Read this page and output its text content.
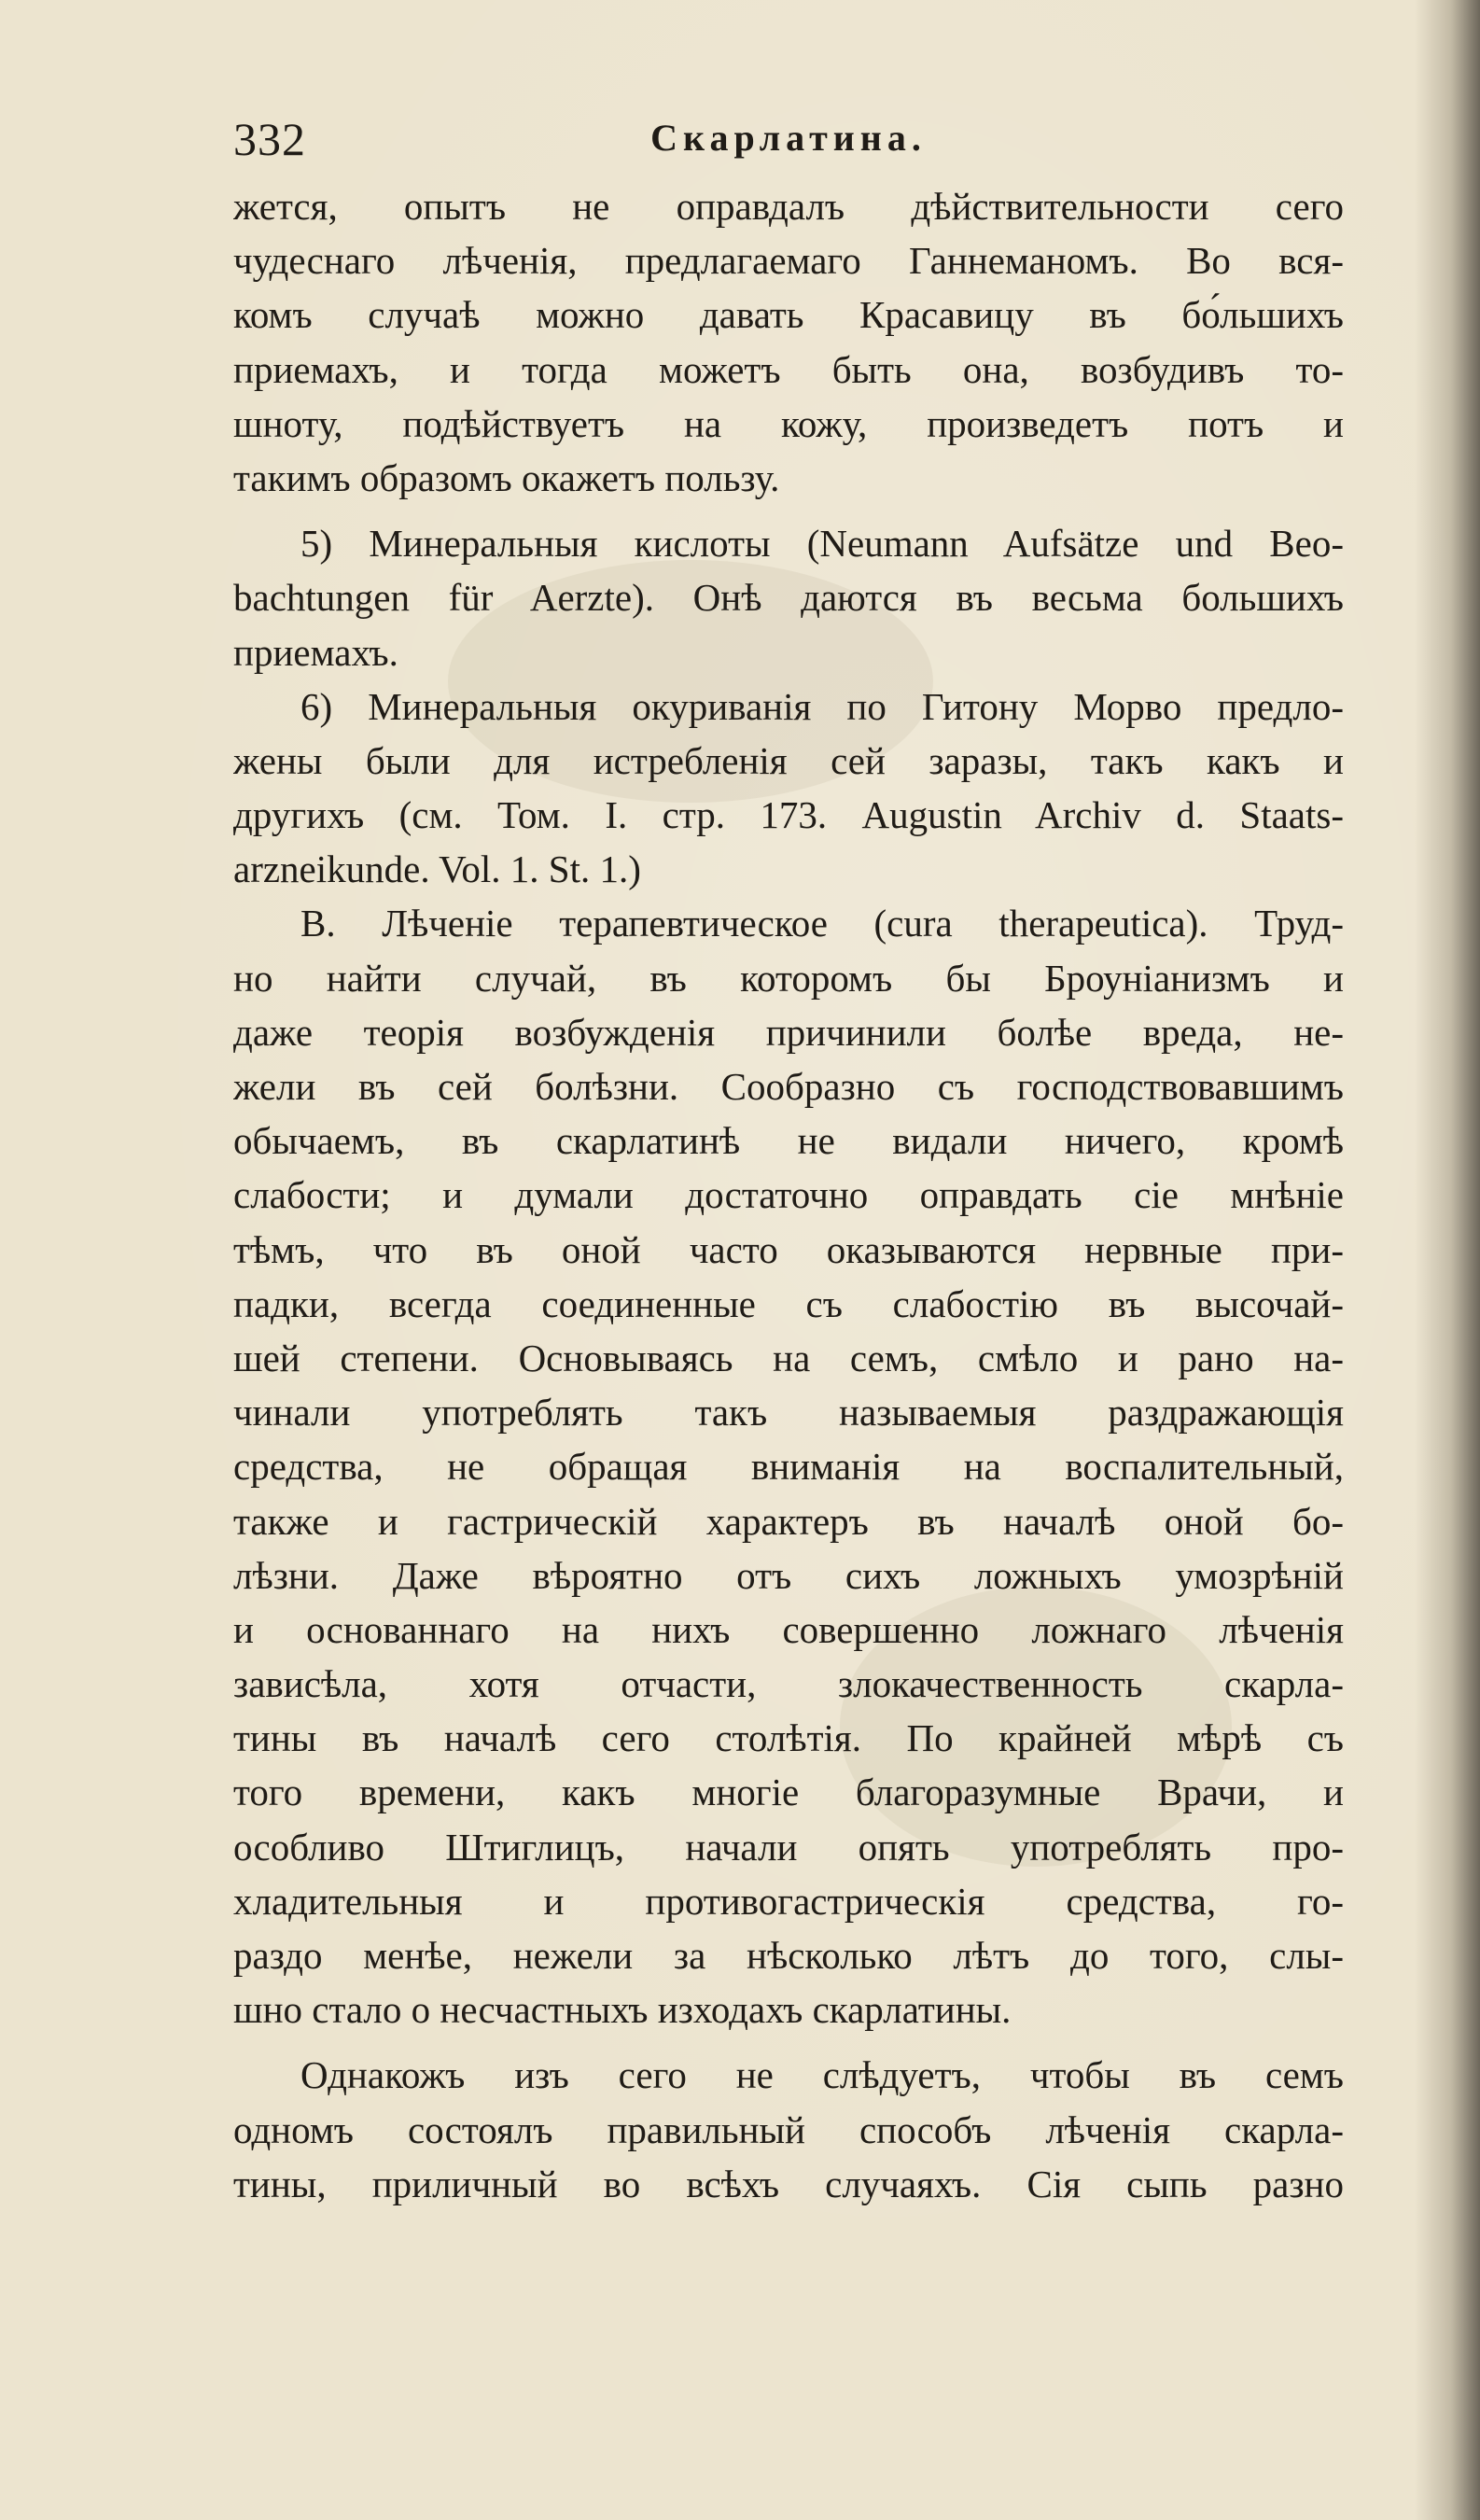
332	Скарлатина.
жется, опытъ не оправдалъ дѣйствительности сего
чудеснаго лѣченія, предлагаемаго Ганнеманомъ. Во вся-
комъ случаѣ можно давать Красавицу въ бо́льшихъ
приемахъ, и тогда можетъ быть она, возбудивъ то-
шноту, подѣйствуетъ на кожу, произведетъ потъ и
такимъ образомъ окажетъ пользу.
5) Минеральныя кислоты (Neumann Aufsätze und Beo-
bachtungen für Aerzte). Онѣ даются въ весьма большихъ
приемахъ.
6) Минеральныя окуриванія по Гитону Морво предло-
жены были для истребленія сей заразы, такъ какъ и
другихъ (см. Том. I. стр. 173. Augustin Archiv d. Staats-
arzneikunde. Vol. 1. St. 1.)
В. Лѣченіе терапевтическое (cura therapeutica). Труд-
но найти случай, въ которомъ бы Броуніанизмъ и
даже теорія возбужденія причинили болѣе вреда, не-
жели въ сей болѣзни. Сообразно съ господствовавшимъ
обычаемъ, въ скарлатинѣ не видали ничего, кромѣ
слабости; и думали достаточно оправдать сіе мнѣніе
тѣмъ, что въ оной часто оказываются нервные при-
падки, всегда соединенные съ слабостію въ высочай-
шей степени. Основываясь на семъ, смѣло и рано на-
чинали употреблять такъ называемыя раздражающія
средства, не обращая вниманія на воспалительный,
также и гастрическій характеръ въ началѣ оной бо-
лѣзни. Даже вѣроятно отъ сихъ ложныхъ умозрѣній
и основаннаго на нихъ совершенно ложнаго лѣченія
зависѣла, хотя отчасти, злокачественность скарла-
тины въ началѣ сего столѣтія. По крайней мѣрѣ съ
того времени, какъ многіе благоразумные Врачи, и
особливо Штиглицъ, начали опять употреблять про-
хладительныя и противогастрическія средства, го-
раздо менѣе, нежели за нѣсколько лѣтъ до того, слы-
шно стало о несчастныхъ изходахъ скарлатины.
Однакожъ изъ сего не слѣдуетъ, чтобы въ семъ
одномъ состоялъ правильный способъ лѣченія скарла-
тины, приличный во всѣхъ случаяхъ. Сія сыпь разно
